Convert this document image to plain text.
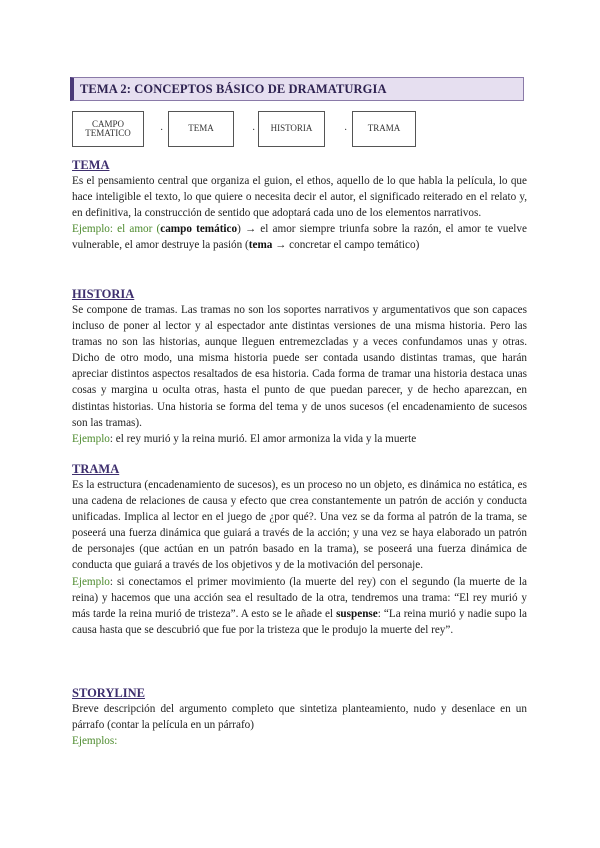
TEMA 2: CONCEPTOS BÁSICO DE DRAMATURGIA
CAMPO TEMATICO	·	TEMA	·	HISTORIA	·	TRAMA
TEMA
Es el pensamiento central que organiza el guion, el ethos, aquello de lo que habla la película, lo que hace inteligible el texto, lo que quiere o necesita decir el autor, el significado reiterado en el relato y, en definitiva, la construcción de sentido que adoptará cada uno de los elementos narrativos.
Ejemplo: el amor (campo temático) → el amor siempre triunfa sobre la razón, el amor te vuelve vulnerable, el amor destruye la pasión (tema → concretar el campo temático)
HISTORIA
Se compone de tramas. Las tramas no son los soportes narrativos y argumentativos que son capaces incluso de poner al lector y al espectador ante distintas versiones de una misma historia. Pero las tramas no son las historias, aunque lleguen entremezcladas y a veces confundamos unas y otras. Dicho de otro modo, una misma historia puede ser contada usando distintas tramas, que harán apreciar distintos aspectos resaltados de esa historia. Cada forma de tramar una historia destaca unas cosas y margina u oculta otras, hasta el punto de que puedan parecer, y de hecho aparezcan, en distintas historias. Una historia se forma del tema y de unos sucesos (el encadenamiento de sucesos son las tramas).
Ejemplo: el rey murió y la reina murió. El amor armoniza la vida y la muerte
TRAMA
Es la estructura (encadenamiento de sucesos), es un proceso no un objeto, es dinámica no estática, es una cadena de relaciones de causa y efecto que crea constantemente un patrón de acción y conducta unificadas. Implica al lector en el juego de ¿por qué?. Una vez se da forma al patrón de la trama, se poseerá una fuerza dinámica que guiará a través de la acción; y una vez se haya elaborado un patrón de personajes (que actúan en un patrón basado en la trama), se poseerá una fuerza dinámica de conducta que guiará a través de los objetivos y de la motivación del personaje.
Ejemplo: si conectamos el primer movimiento (la muerte del rey) con el segundo (la muerte de la reina) y hacemos que una acción sea el resultado de la otra, tendremos una trama: “El rey murió y más tarde la reina murió de tristeza”. A esto se le añade el suspense: “La reina murió y nadie supo la causa hasta que se descubrió que fue por la tristeza que le produjo la muerte del rey”.
STORYLINE
Breve descripción del argumento completo que sintetiza planteamiento, nudo y desenlace en un párrafo (contar la película en un párrafo)
Ejemplos:
